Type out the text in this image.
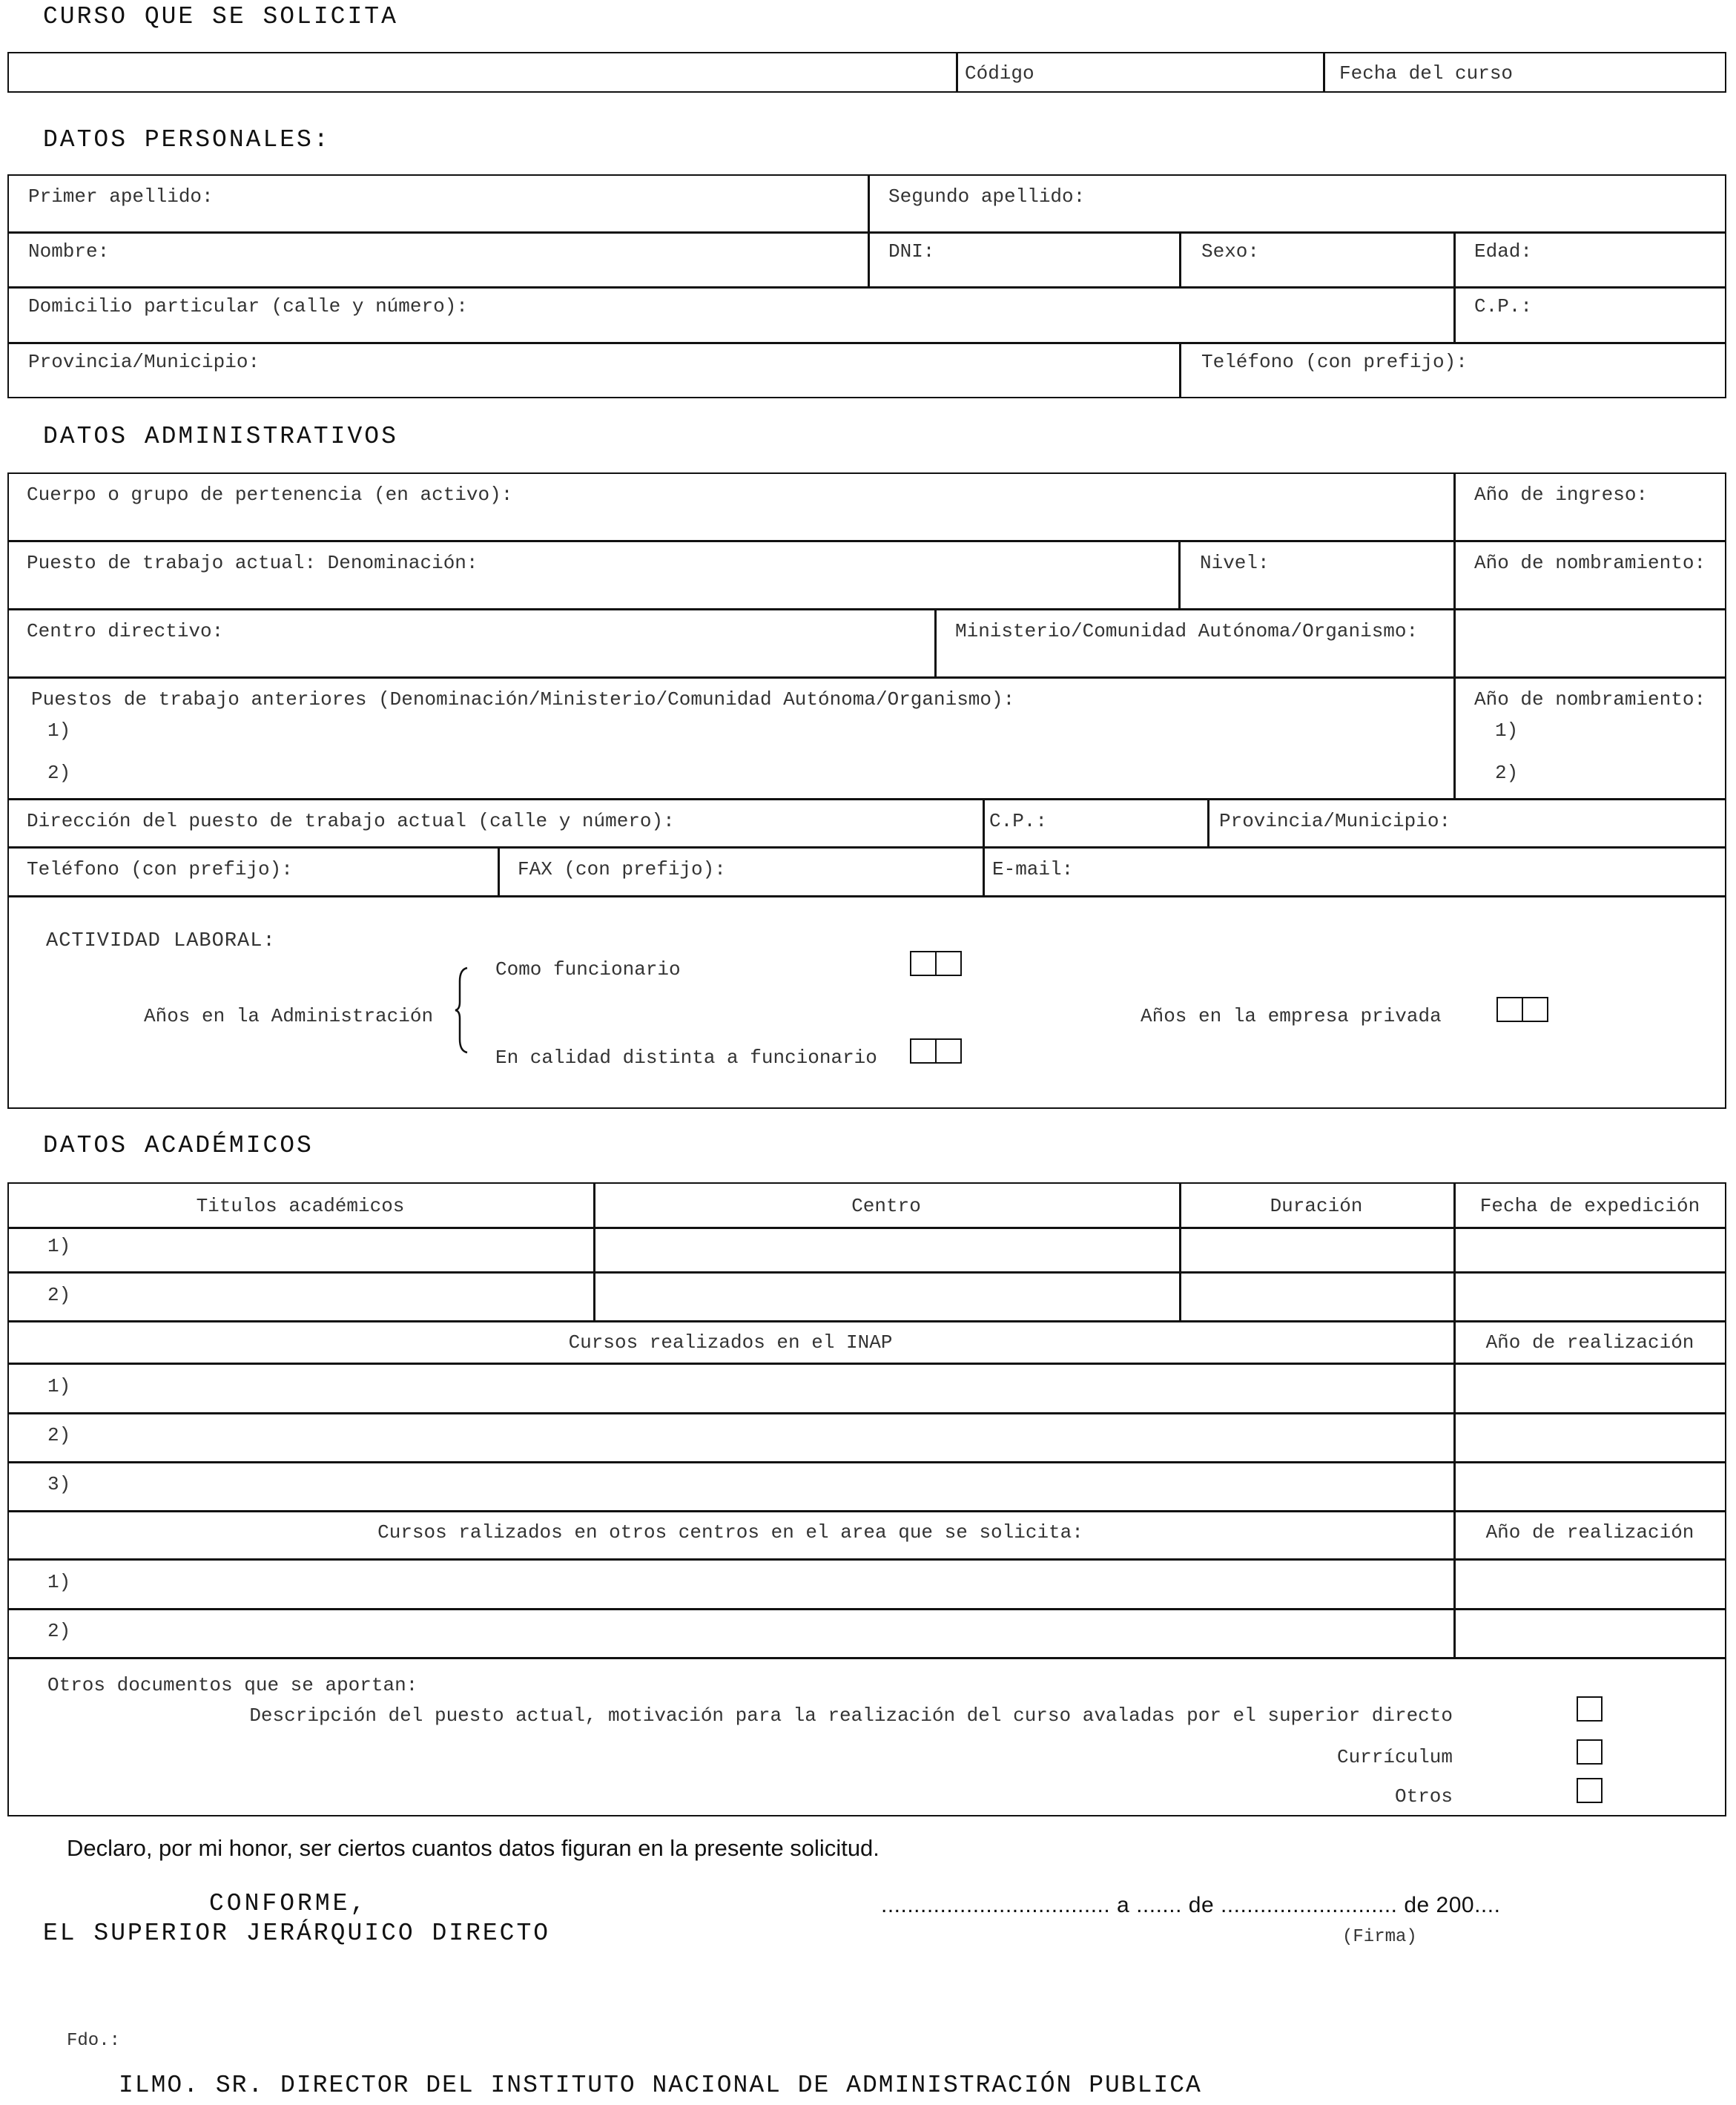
CURSO QUE SE SOLICITA
Código	Fecha del curso
DATOS PERSONALES:
Primer apellido:	Segundo apellido:
Nombre:	DNI:	Sexo:	Edad:
Domicilio particular (calle y número):	C.P.:
Provincia/Municipio:	Teléfono (con prefijo):
DATOS ADMINISTRATIVOS
Cuerpo o grupo de pertenencia (en activo):	Año de ingreso:
Puesto de trabajo actual: Denominación:	Nivel:	Año de nombramiento:
Centro directivo:	Ministerio/Comunidad Autónoma/Organismo:
Puestos de trabajo anteriores (Denominación/Ministerio/Comunidad Autónoma/Organismo):	Año de nombramiento:
1)
2)
1)
2)
Dirección del puesto de trabajo actual (calle y número):	C.P.:	Provincia/Municipio:
Teléfono (con prefijo):	FAX (con prefijo):	E-mail:
ACTIVIDAD LABORAL:
Años en la Administración
Como funcionario
En calidad distinta a funcionario
Años en la empresa privada
DATOS ACADÉMICOS
Titulos académicos	Centro	Duración	Fecha de expedición
1)
2)
Cursos realizados en el INAP	Año de realización
1)
2)
3)
Cursos ralizados en otros centros en el area que se solicita:	Año de realización
1)
2)
Otros documentos que se aportan:
Descripción del puesto actual, motivación para la realización del curso avaladas por el superior directo
Currículum
Otros
Declaro, por mi honor, ser ciertos cuantos datos figuran en la presente solicitud.
CONFORME,
EL SUPERIOR JERÁRQUICO DIRECTO
................................... a ....... de ........................... de 200....
(Firma)
Fdo.:
ILMO. SR. DIRECTOR DEL INSTITUTO NACIONAL DE ADMINISTRACIÓN PUBLICA
